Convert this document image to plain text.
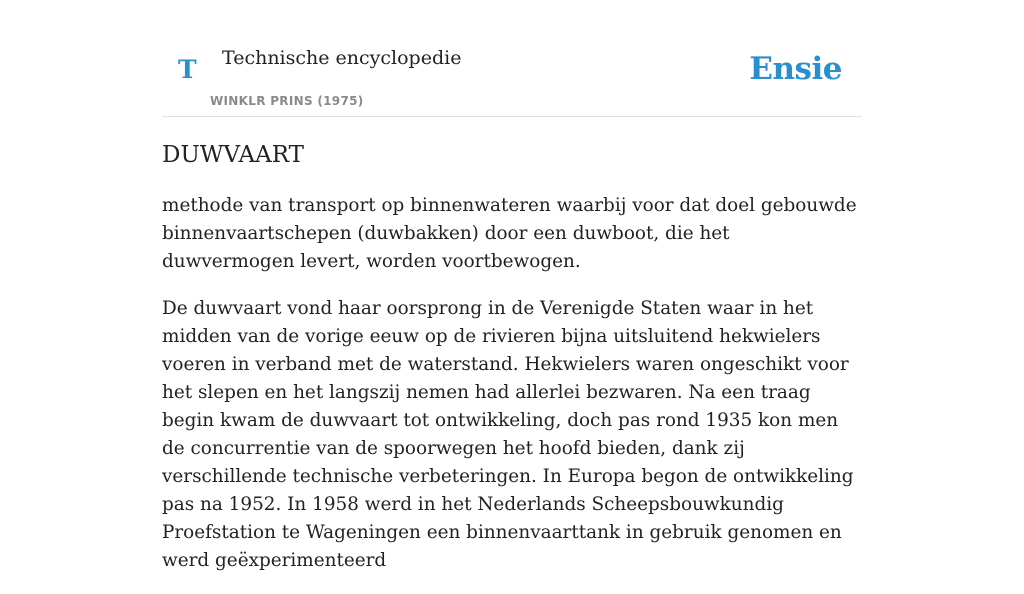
T Technische encyclopedie
WINKLR PRINS (1975)
Ensie
DUWVAART

methode van transport op binnenwateren waarbij voor dat doel gebouwde binnenvaartschepen (duwbakken) door een duwboot, die het duwvermogen levert, worden voortbewogen.

De duwvaart vond haar oorsprong in de Verenigde Staten waar in het midden van de vorige eeuw op de rivieren bijna uitsluitend hekwielers voeren in verband met de waterstand. Hekwielers waren ongeschikt voor het slepen en het langszij nemen had allerlei bezwaren. Na een traag begin kwam de duwvaart tot ontwikkeling, doch pas rond 1935 kon men de concurrentie van de spoorwegen het hoofd bieden, dank zij verschillende technische verbeteringen. In Europa begon de ontwikkeling pas na 1952. In 1958 werd in het Nederlands Scheepsbouwkundig Proefstation te Wageningen een binnenvaarttank in gebruik genomen en werd geëxperimenteerd
